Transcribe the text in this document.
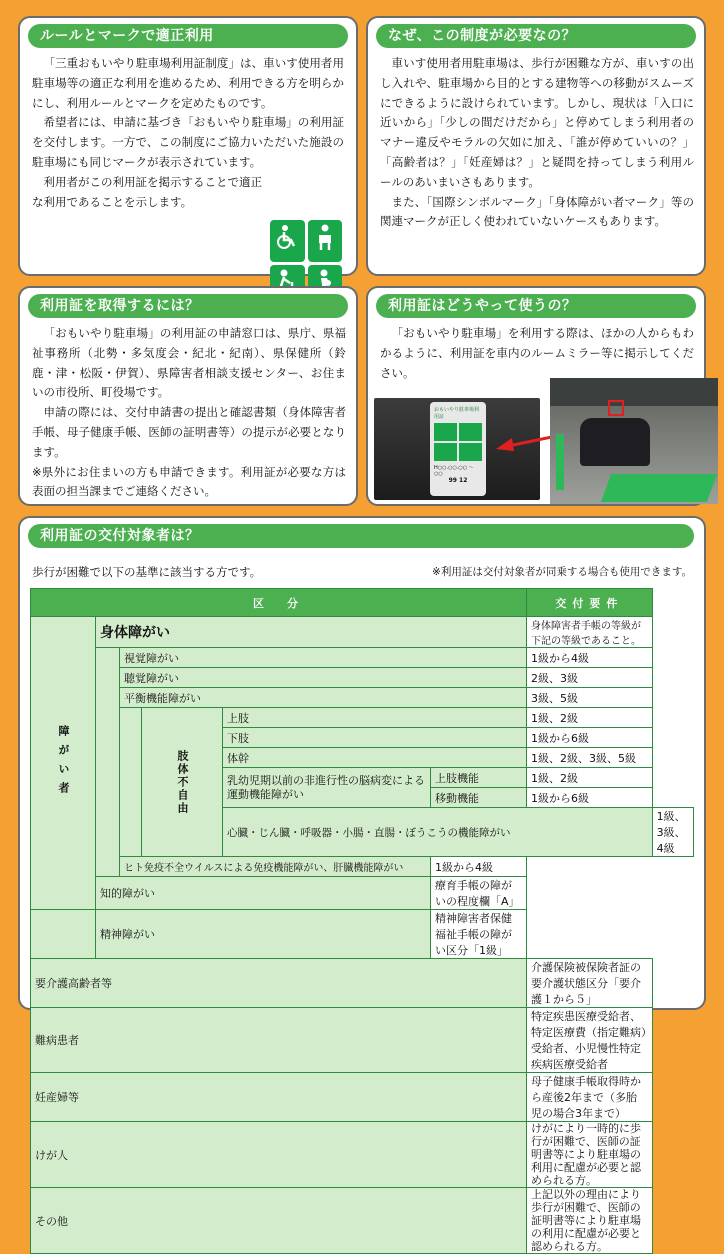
ルールとマークで適正利用

「三重おもいやり駐車場利用証制度」は、車いす使用者用駐車場等の適正な利用を進めるため、利用できる方を明らかにし、利用ルールとマークを定めたものです。

希望者には、申請に基づき「おもいやり駐車場」の利用証を交付します。一方で、この制度にご協力いただいた施設の駐車場にも同じマークが表示されています。

利用者がこの利用証を掲示することで適正な利用であることを示します。

なぜ、この制度が必要なの？

車いす使用者用駐車場は、歩行が困難な方が、車いすの出し入れや、駐車場から目的とする建物等への移動がスムーズにできるように設けられています。しかし、現状は「入口に近いから」「少しの間だけだから」と停めてしまう利用者のマナー違反やモラルの欠如に加え、「誰が停めていいの？」「高齢者は？」「妊産婦は？」と疑問を持ってしまう利用ルールのあいまいさもあります。

また、「国際シンボルマーク」「身体障がい者マーク」等の関連マークが正しく使われていないケースもあります。

利用証を取得するには？

「おもいやり駐車場」の利用証の申請窓口は、県庁、県福祉事務所（北勢・多気度会・紀北・紀南）、県保健所（鈴鹿・津・松阪・伊賀）、県障害者相談支援センター、お住まいの市役所、町役場です。

申請の際には、交付申請書の提出と確認書類（身体障害者手帳、母子健康手帳、医師の証明書等）の提示が必要となります。

※県外にお住まいの方も申請できます。利用証が必要な方は表面の担当課までご連絡ください。

利用証はどうやって使うの？

「おもいやり駐車場」を利用する際は、ほかの人からもわかるように、利用証を車内のルームミラー等に掲示してください。

おもいやり駐車場利用証
H○○.○○.○○ ～ ○○
99 12
利用証の交付対象者は？
歩行が困難で以下の基準に該当する方です。	※利用証は交付対象者が同乗する場合も使用できます。
区　分						交付要件	
障がい者	身体障がい					身体障害者手帳の等級が下記の等級であること。	
		視覚障がい				1級から4級	
		聴覚障がい				2級、3級	
		平衡機能障がい				3級、5級	
			肢体不自由	上肢		1級、2級	
				下肢		1級から6級	
				体幹		1級、2級、3級、5級	
				乳幼児期以前の非進行性の脳病変による運動機能障がい	上肢機能	1級、2級	
					移動機能	1級から6級	
				心臓・じん臓・呼吸器・小腸・直腸・ぼうこうの機能障がい			1級、3級、4級
		ヒト免疫不全ウイルスによる免疫機能障がい、肝臓機能障がい			1級から4級		
	知的障がい				療育手帳の障がいの程度欄「A」		
	精神障がい				精神障害者保健福祉手帳の障がい区分「1級」		
要介護高齢者等						介護保険被保険者証の要介護状態区分「要介護１から５」	
難病患者						特定疾患医療受給者、特定医療費（指定難病）受給者、小児慢性特定疾病医療受給者	
妊産婦等						母子健康手帳取得時から産後2年まで（多胎児の場合3年まで）	
けが人						けがにより一時的に歩行が困難で、医師の証明書等により駐車場の利用に配慮が必要と認められる方。	
その他						上記以外の理由により歩行が困難で、医師の証明書等により駐車場の利用に配慮が必要と認められる方。	
